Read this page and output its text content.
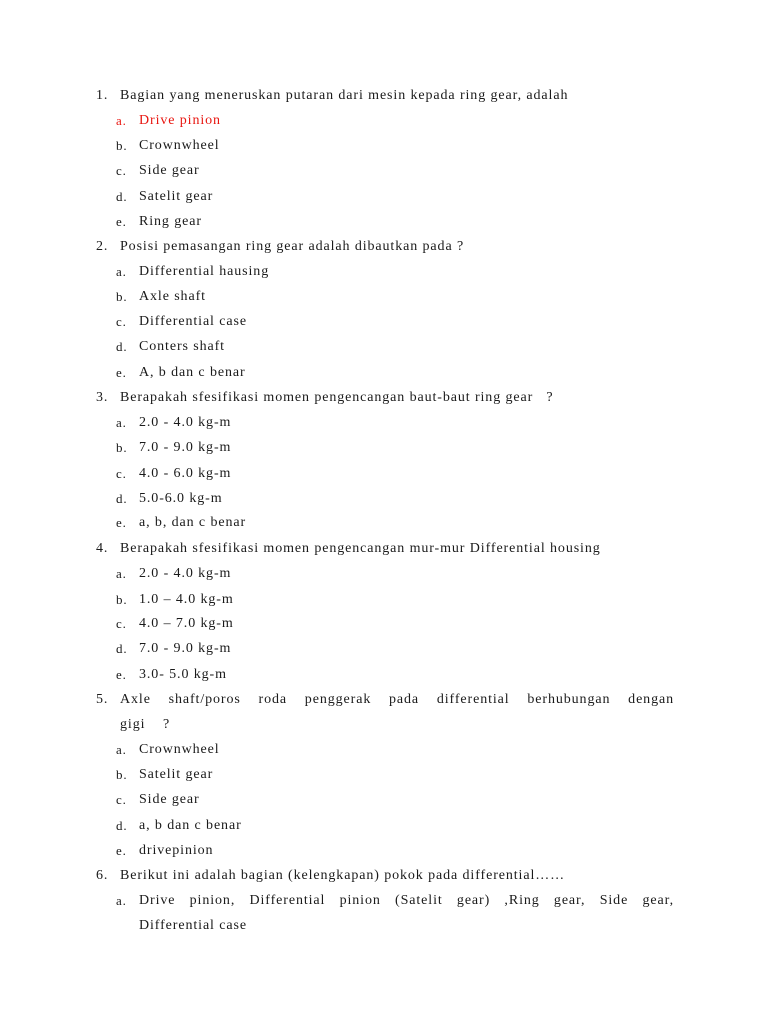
1. Bagian yang meneruskan putaran dari mesin kepada ring gear, adalah
a. Drive pinion
b. Crownwheel
c. Side gear
d. Satelit gear
e. Ring gear
2. Posisi pemasangan ring gear adalah dibautkan pada ?
a. Differential hausing
b. Axle shaft
c. Differential case
d. Conters shaft
e. A, b dan c benar
3. Berapakah sfesifikasi momen pengencangan baut-baut ring gear   ?
a. 2.0 - 4.0 kg-m
b. 7.0 - 9.0 kg-m
c. 4.0 - 6.0 kg-m
d. 5.0-6.0 kg-m
e. a, b, dan c benar
4. Berapakah sfesifikasi momen pengencangan mur-mur Differential housing
a. 2.0 - 4.0 kg-m
b. 1.0 – 4.0 kg-m
c. 4.0 – 7.0 kg-m
d. 7.0 - 9.0 kg-m
e. 3.0- 5.0 kg-m
5. Axle shaft/poros roda penggerak pada differential berhubungan dengan
gigi    ?
a. Crownwheel
b. Satelit gear
c. Side gear
d. a, b dan c benar
e. drivepinion
6. Berikut ini adalah bagian (kelengkapan) pokok pada differential……
a. Drive pinion, Differential pinion (Satelit gear) ,Ring gear, Side gear,
Differential case
